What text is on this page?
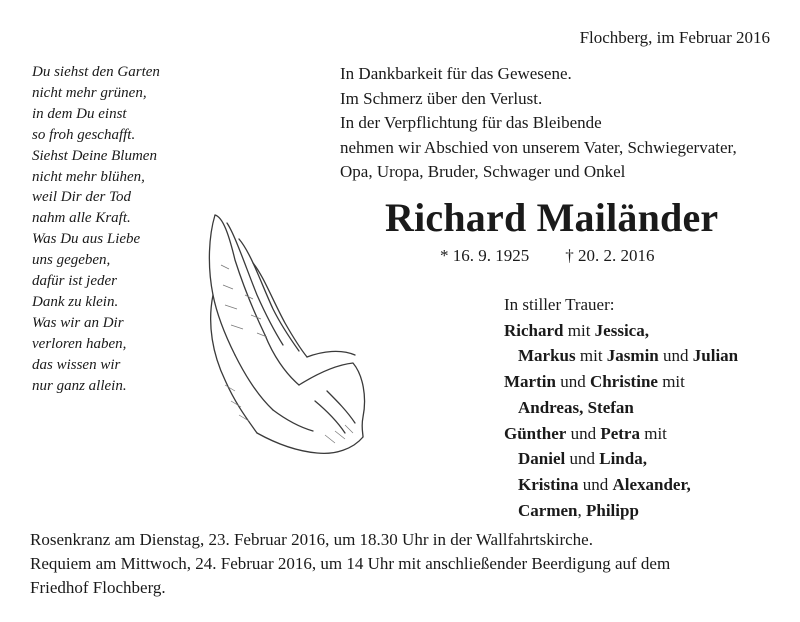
Flochberg, im Februar 2016
Du siehst den Garten
nicht mehr grünen,
in dem Du einst
so froh geschafft.
Siehst Deine Blumen
nicht mehr blühen,
weil Dir der Tod
nahm alle Kraft.
Was Du aus Liebe
uns gegeben,
dafür ist jeder
Dank zu klein.
Was wir an Dir
verloren haben,
das wissen wir
nur ganz allein.
In Dankbarkeit für das Gewesene.
Im Schmerz über den Verlust.
In der Verpflichtung für das Bleibende
nehmen wir Abschied von unserem Vater, Schwiegervater,
Opa, Uropa, Bruder, Schwager und Onkel
Richard Mailänder
* 16. 9. 1925 † 20. 2. 2016
In stiller Trauer:
Richard mit Jessica,
Markus mit Jasmin und Julian
Martin und Christine mit
Andreas, Stefan
Günther und Petra mit
Daniel und Linda,
Kristina und Alexander,
Carmen, Philipp
Rosenkranz am Dienstag, 23. Februar 2016, um 18.30 Uhr in der Wallfahrtskirche.
Requiem am Mittwoch, 24. Februar 2016, um 14 Uhr mit anschließender Beerdigung auf dem
Friedhof Flochberg.
